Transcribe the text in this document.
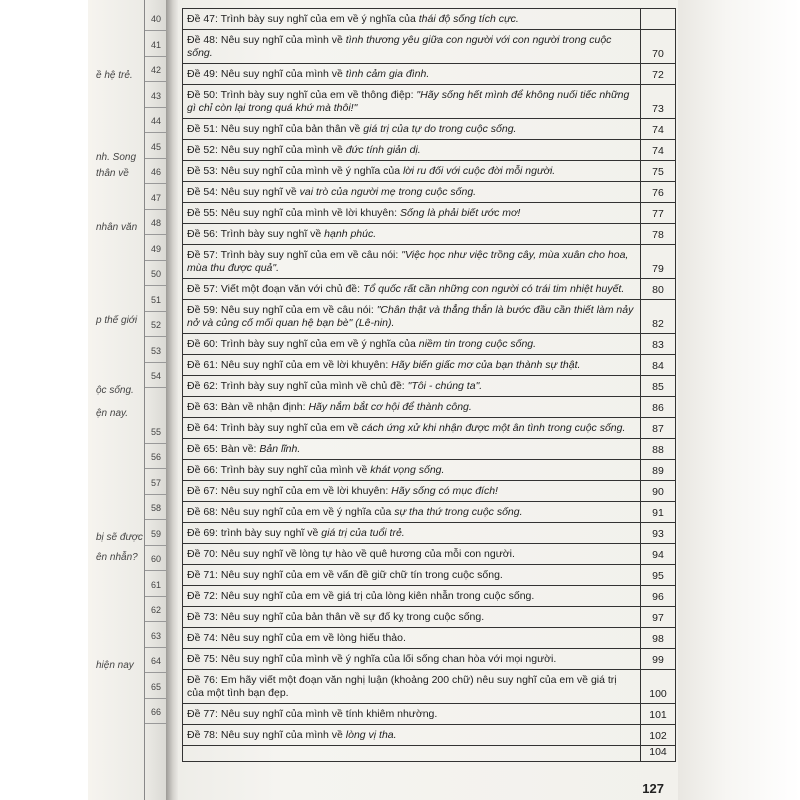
40
41
42
43
44
45
46
47
48
49
50
51
52
53
54
55
56
57
58
59
60
61
62
63
64
65
66
ề hệ trẻ.
nh. Song
thân về
nhân văn
p thế giới
ộc sống.
ện nay.
bị sẽ được
ên nhẫn?
hiện nay
Đề 47: Trình bày suy nghĩ của em về ý nghĩa của thái độ sống tích cực.
Đề 48: Nêu suy nghĩ của mình về tình thương yêu giữa con người với con người trong cuộc sống.	70
Đề 49: Nêu suy nghĩ của mình về tình cảm gia đình.	72
Đề 50: Trình bày suy nghĩ của em về thông điệp: "Hãy sống hết mình để không nuối tiếc những gì chỉ còn lại trong quá khứ mà thôi!"	73
Đề 51: Nêu suy nghĩ của bản thân về giá trị của tự do trong cuộc sống.	74
Đề 52: Nêu suy nghĩ của mình về đức tính giản dị.	74
Đề 53: Nêu suy nghĩ của mình về ý nghĩa của lời ru đối với cuộc đời mỗi người.	75
Đề 54: Nêu suy nghĩ về vai trò của người mẹ trong cuộc sống.	76
Đề 55: Nêu suy nghĩ của mình về lời khuyên: Sống là phải biết ước mơ!	77
Đề 56: Trình bày suy nghĩ về hạnh phúc.	78
Đề 57: Trình bày suy nghĩ của em về câu nói: "Việc học như việc trồng cây, mùa xuân cho hoa, mùa thu được quả".	79
Đề 57: Viết một đoạn văn với chủ đề: Tổ quốc rất cần những con người có trái tim nhiệt huyết.	80
Đề 59: Nêu suy nghĩ của em về câu nói: "Chân thật và thẳng thắn là bước đầu cần thiết làm nảy nở và củng cố mối quan hệ bạn bè" (Lê-nin).	82
Đề 60: Trình bày suy nghĩ của em về ý nghĩa của niềm tin trong cuộc sống.	83
Đề 61: Nêu suy nghĩ của em về lời khuyên: Hãy biến giấc mơ của bạn thành sự thật.	84
Đề 62: Trình bày suy nghĩ của mình về chủ đề: "Tôi - chúng ta".	85
Đề 63: Bàn về nhận định: Hãy nắm bắt cơ hội để thành công.	86
Đề 64: Trình bày suy nghĩ của em về cách ứng xử khi nhận được một ân tình trong cuộc sống.	87
Đề 65: Bàn về: Bản lĩnh.	88
Đề 66: Trình bày suy nghĩ của mình về khát vọng sống.	89
Đề 67: Nêu suy nghĩ của em về lời khuyên: Hãy sống có mục đích!	90
Đề 68: Nêu suy nghĩ của em về ý nghĩa của sự tha thứ trong cuộc sống.	91
Đề 69: trình bày suy nghĩ về giá trị của tuổi trẻ.	93
Đề 70: Nêu suy nghĩ về lòng tự hào về quê hương của mỗi con người.	94
Đề 71: Nêu suy nghĩ của em về vấn đề giữ chữ tín trong cuộc sống.	95
Đề 72: Nêu suy nghĩ của em về giá trị của lòng kiên nhẫn trong cuộc sống.	96
Đề 73: Nêu suy nghĩ của bản thân về sự đố kỵ trong cuộc sống.	97
Đề 74: Nêu suy nghĩ của em về lòng hiếu thảo.	98
Đề 75: Nêu suy nghĩ của mình về ý nghĩa của lối sống chan hòa với mọi người.	99
Đề 76: Em hãy viết một đoạn văn nghị luận (khoảng 200 chữ) nêu suy nghĩ của em về giá trị của một tình bạn đẹp.	100
Đề 77: Nêu suy nghĩ của mình về tính khiêm nhường.	101
Đề 78: Nêu suy nghĩ của mình về lòng vị tha.	102
104
127
